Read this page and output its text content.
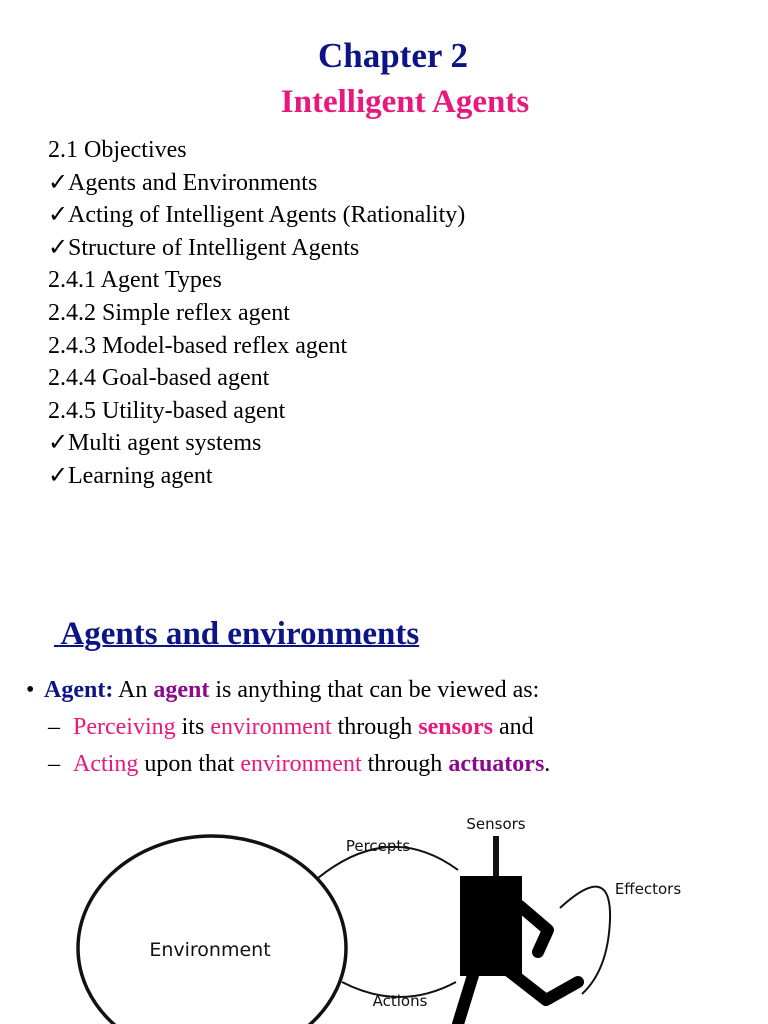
Chapter 2
Intelligent Agents
2.1 Objectives
✓Agents and Environments
✓Acting of Intelligent Agents (Rationality)
✓Structure of Intelligent Agents
2.4.1 Agent Types
2.4.2 Simple reflex agent
2.4.3 Model-based reflex agent
2.4.4 Goal-based agent
2.4.5 Utility-based agent
✓Multi agent systems
✓Learning agent
Agents and environments
• Agent: An agent is anything that can be viewed as:
– Perceiving its environment through sensors and
– Acting upon that environment through actuators.
Environment
Percepts
Actions
Sensors
Effectors
